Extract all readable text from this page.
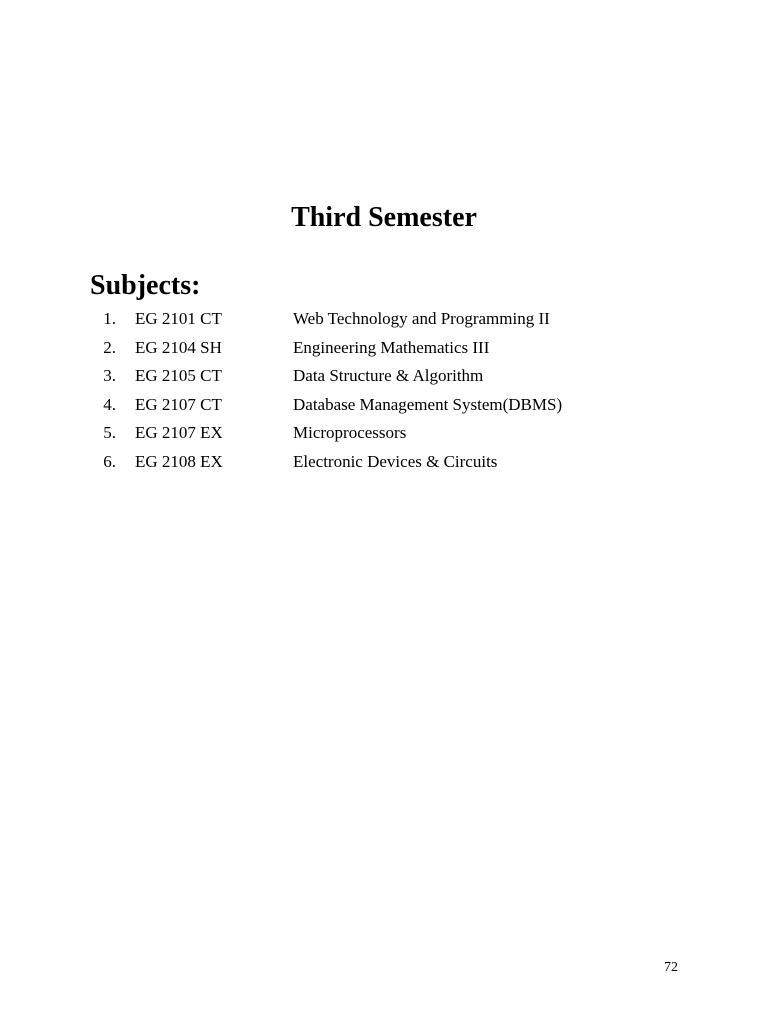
Third Semester
Subjects:
1. EG 2101 CT	Web Technology and Programming II
2. EG 2104 SH	Engineering Mathematics III
3. EG 2105 CT	Data Structure & Algorithm
4. EG 2107 CT	Database Management System(DBMS)
5. EG 2107 EX	Microprocessors
6. EG 2108 EX	Electronic Devices & Circuits
72
